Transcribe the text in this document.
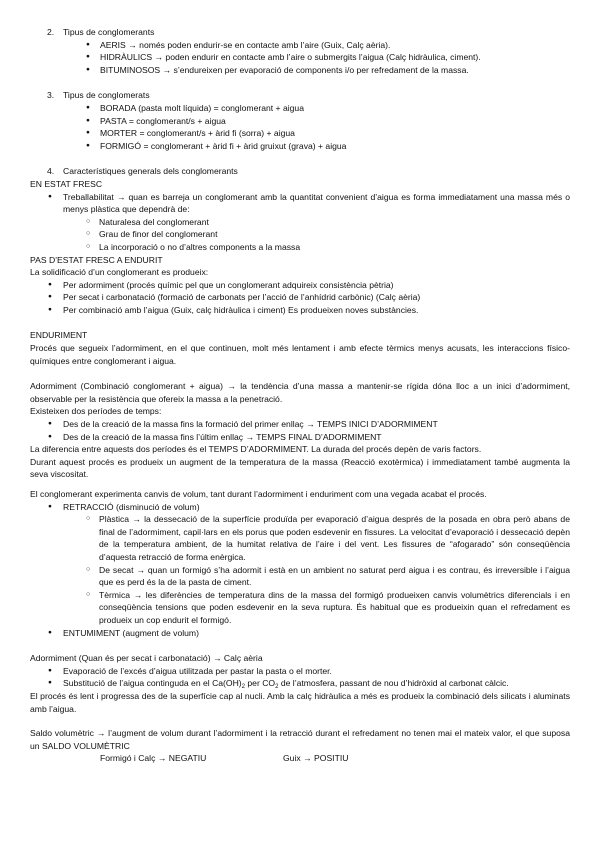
2. Tipus de conglomerants

● AERIS → només poden endurir-se en contacte amb l’aire (Guix, Calç aèria).
● HIDRÀULICS → poden endurir en contacte amb l’aire o submergits l’aigua (Calç hidràulica, ciment).
● BITUMINOSOS → s’endureixen per evaporació de components i/o per refredament de la massa.

3. Tipus de conglomerats

● BORADA (pasta molt líquida) = conglomerant + aigua
● PASTA = conglomerant/s + aigua
● MORTER = conglomerant/s + àrid fi (sorra) + aigua
● FORMIGÓ = conglomerant + àrid fi + àrid gruixut (grava) + aigua

4. Característiques generals dels conglomerants

EN ESTAT FRESC

● Treballabilitat → quan es barreja un conglomerant amb la quantitat convenient d’aigua es forma immediatament una massa més o menys plàstica que dependrà de:
○ Naturalesa del conglomerant
○ Grau de finor del conglomerant
○ La incorporació o no d’altres components a la massa

PAS D’ESTAT FRESC A ENDURIT

La solidificació d’un conglomerant es produeix:

● Per adormiment (procés químic pel que un conglomerant adquireix consistència pètria)
● Per secat i carbonatació (formació de carbonats per l’acció de l’anhídrid carbònic) (Calç aèria)
● Per combinació amb l’aigua (Guix, calç hidràulica i ciment) Es produeixen noves substàncies.

ENDURIMENT

Procés que segueix l’adormiment, en el que continuen, molt més lentament i amb efecte tèrmics menys acusats, les interaccions físico-químiques entre conglomerant i aigua.

Adormiment (Combinació conglomerant + aigua) → la tendència d’una massa a mantenir-se rígida dóna lloc a un inici d’adormiment, observable per la resistència que ofereix la massa a la penetració.

Existeixen dos períodes de temps:

● Des de la creació de la massa fins la formació del primer enllaç → TEMPS INICI D’ADORMIMENT
● Des de la creació de la massa fins l’últim enllaç → TEMPS FINAL D’ADORMIMENT

La diferencia entre aquests dos períodes és el TEMPS D’ADORMIMENT. La durada del procés depèn de varis factors.

Durant aquest procés es produeix un augment de la temperatura de la massa (Reacció exotèrmica) i immediatament també augmenta la seva viscositat.

El conglomerant experimenta canvis de volum, tant durant l’adormiment i enduriment com una vegada acabat el procés.

● RETRACCIÓ (disminució de volum)
○ Plàstica → la dessecació de la superfície produïda per evaporació d’aigua després de la posada en obra però abans de final de l’adormiment, capil·lars en els porus que poden esdevenir en fissures. La velocitat d’evaporació i dessecació depèn de la temperatura ambient, de la humitat relativa de l’aire i del vent. Les fissures de “afogarado” són conseqüència d’aquesta retracció de forma enèrgica.
○ De secat → quan un formigó s’ha adormit i està en un ambient no saturat perd aigua i es contrau, és irreversible i l’aigua que es perd és la de la pasta de ciment.
○ Tèrmica → les diferències de temperatura dins de la massa del formigó produeixen canvis volumètrics diferencials i en conseqüència tensions que poden esdevenir en la seva ruptura. És habitual que es produeixin quan el refredament es produeix un cop endurit el formigó.
● ENTUMIMENT (augment de volum)

Adormiment (Quan és per secat i carbonatació) → Calç aèria

● Evaporació de l’excés d’aigua utilitzada per pastar la pasta o el morter.
● Substitució de l’aigua continguda en el $Ca(OH)_2$ per $CO_2$ de l’atmosfera, passant de nou d’hidròxid al carbonat càlcic.

El procés és lent i progressa des de la superfície cap al nucli. Amb la calç hidràulica a més es produeix la combinació dels silicats i aluminats amb l’aigua.

Saldo volumètric → l’augment de volum durant l’adormiment i la retracció durant el refredament no tenen mai el mateix valor, el que suposa un SALDO VOLUMÈTRIC

Formigó i Calç → NEGATIU	Guix → POSITIU
